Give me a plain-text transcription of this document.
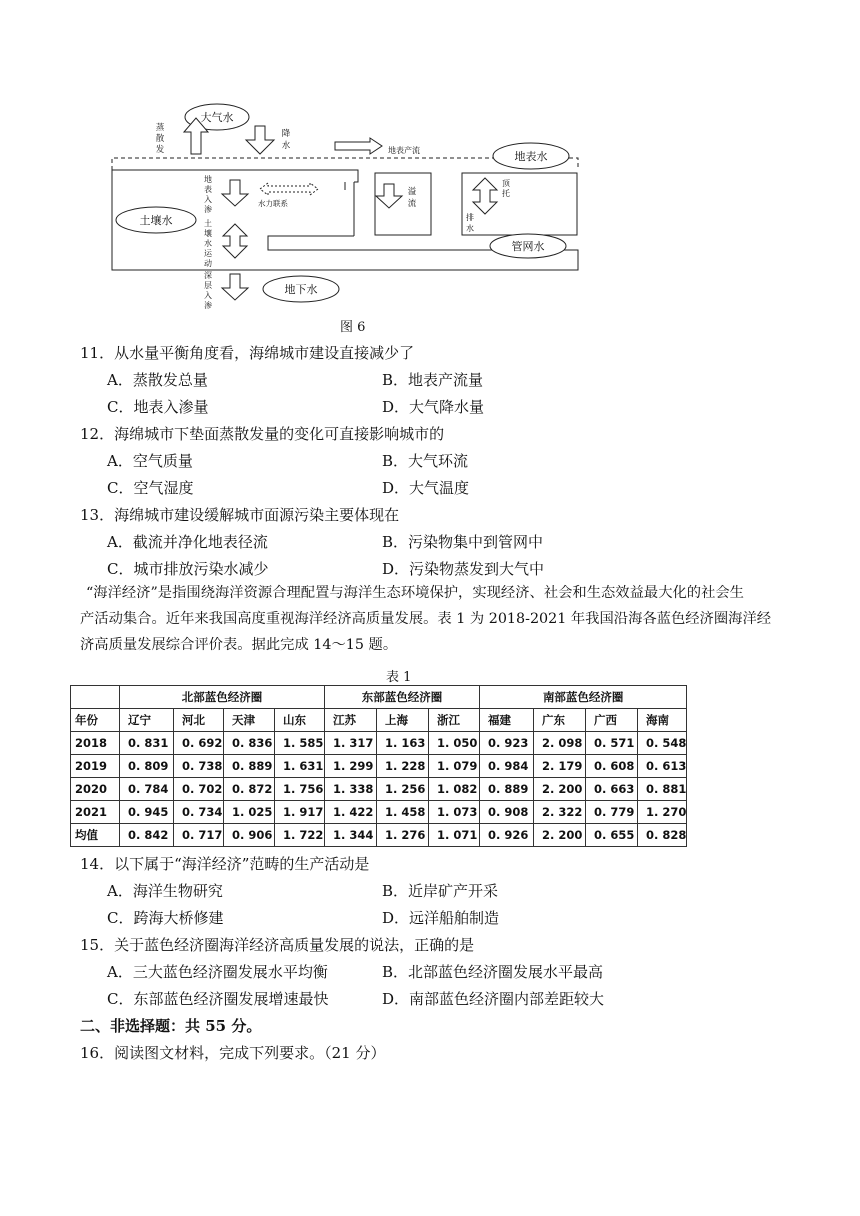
大气水
地表水
土壤水
管网水
地下水
蒸
散
发
降
水	地表产流
地
表
入
渗
水力联系
土
壤
水
运
动
深
层
入
渗
溢
流
顶
托
排
水
图 6
11．从水量平衡角度看，海绵城市建设直接减少了
A．蒸散发总量	B．地表产流量
C．地表入渗量	D．大气降水量
12．海绵城市下垫面蒸散发量的变化可直接影响城市的
A．空气质量	B．大气环流
C．空气湿度	D．大气温度
13．海绵城市建设缓解城市面源污染主要体现在
A．截流并净化地表径流	B．污染物集中到管网中
C．城市排放污染水减少	D．污染物蒸发到大气中

“海洋经济”是指围绕海洋资源合理配置与海洋生态环境保护，实现经济、社会和生态效益最大化的社会生

产活动集合。近年来我国高度重视海洋经济高质量发展。表 1 为 2018-2021 年我国沿海各蓝色经济圈海洋经

济高质量发展综合评价表。据此完成 14～15 题。

表 1
	北部蓝色经济圈				东部蓝色经济圈			南部蓝色经济圈			
年份	辽宁	河北	天津	山东	江苏	上海	浙江	福建	广东	广西	海南
2018	0. 831	0. 692	0. 836	1. 585	1. 317	1. 163	1. 050	0. 923	2. 098	0. 571	0. 548
2019	0. 809	0. 738	0. 889	1. 631	1. 299	1. 228	1. 079	0. 984	2. 179	0. 608	0. 613
2020	0. 784	0. 702	0. 872	1. 756	1. 338	1. 256	1. 082	0. 889	2. 200	0. 663	0. 881
2021	0. 945	0. 734	1. 025	1. 917	1. 422	1. 458	1. 073	0. 908	2. 322	0. 779	1. 270
均值	0. 842	0. 717	0. 906	1. 722	1. 344	1. 276	1. 071	0. 926	2. 200	0. 655	0. 828
14．以下属于“海洋经济”范畴的生产活动是
A．海洋生物研究	B．近岸矿产开采
C．跨海大桥修建	D．远洋船舶制造
15．关于蓝色经济圈海洋经济高质量发展的说法，正确的是
A．三大蓝色经济圈发展水平均衡	B．北部蓝色经济圈发展水平最高
C．东部蓝色经济圈发展增速最快	D．南部蓝色经济圈内部差距较大
二、非选择题：共 55 分。
16．阅读图文材料，完成下列要求。（21 分）
